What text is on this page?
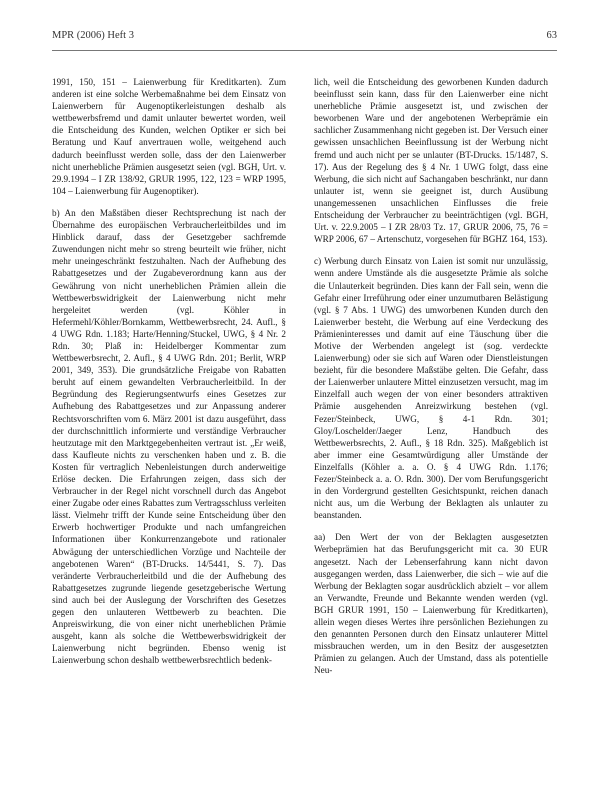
MPR (2006) Heft 3	63

1991, 150, 151 – Laienwerbung für Kreditkarten). Zum anderen ist eine solche Werbemaßnahme bei dem Einsatz von Laienwerbern für Augenoptikerleistungen deshalb als wettbewerbsfremd und damit unlauter bewertet worden, weil die Entscheidung des Kunden, welchen Optiker er sich bei Beratung und Kauf anvertrauen wolle, weitgehend auch dadurch beeinflusst werden solle, dass der den Laienwerber nicht unerhebliche Prämien ausgesetzt seien (vgl. BGH, Urt. v. 29.9.1994 – I ZR 138/92, GRUR 1995, 122, 123 = WRP 1995, 104 – Laienwerbung für Augenoptiker).

b) An den Maßstäben dieser Rechtsprechung ist nach der Übernahme des europäischen Verbraucherleitbildes und im Hinblick darauf, dass der Gesetzgeber sachfremde Zuwendungen nicht mehr so streng beurteilt wie früher, nicht mehr uneingeschränkt festzuhalten. Nach der Aufhebung des Rabattgesetzes und der Zugabeverordnung kann aus der Gewährung von nicht unerheblichen Prämien allein die Wettbewerbswidrigkeit der Laienwerbung nicht mehr hergeleitet werden (vgl. Köhler in Hefermehl/Köhler/Bornkamm, Wettbewerbsrecht, 24. Aufl., § 4 UWG Rdn. 1.183; Harte/Henning/Stuckel, UWG, § 4 Nr. 2 Rdn. 30; Plaß in: Heidelberger Kommentar zum Wettbewerbsrecht, 2. Aufl., § 4 UWG Rdn. 201; Berlit, WRP 2001, 349, 353). Die grundsätzliche Freigabe von Rabatten beruht auf einem gewandelten Verbraucherleitbild. In der Begründung des Regierungsentwurfs eines Gesetzes zur Aufhebung des Rabattgesetzes und zur Anpassung anderer Rechtsvorschriften vom 6. März 2001 ist dazu ausgeführt, dass der durchschnittlich informierte und verständige Verbraucher heutzutage mit den Marktgegebenheiten vertraut ist. „Er weiß, dass Kaufleute nichts zu verschenken haben und z. B. die Kosten für vertraglich Nebenleistungen durch anderweitige Erlöse decken. Die Erfahrungen zeigen, dass sich der Verbraucher in der Regel nicht vorschnell durch das Angebot einer Zugabe oder eines Rabattes zum Vertragsschluss verleiten lässt. Vielmehr trifft der Kunde seine Entscheidung über den Erwerb hochwertiger Produkte und nach umfangreichen Informationen über Konkurrenzangebote und rationaler Abwägung der unterschiedlichen Vorzüge und Nachteile der angebotenen Waren“ (BT-Drucks. 14/5441, S. 7). Das veränderte Verbraucherleitbild und die der Aufhebung des Rabattgesetzes zugrunde liegende gesetzgeberische Wertung sind auch bei der Auslegung der Vorschriften des Gesetzes gegen den unlauteren Wettbewerb zu beachten. Die Anpreiswirkung, die von einer nicht unerheblichen Prämie ausgeht, kann als solche die Wettbewerbswidrigkeit der Laienwerbung nicht begründen. Ebenso wenig ist Laienwerbung schon deshalb wettbewerbsrechtlich bedenk-

lich, weil die Entscheidung des geworbenen Kunden dadurch beeinflusst sein kann, dass für den Laienwerber eine nicht unerhebliche Prämie ausgesetzt ist, und zwischen der beworbenen Ware und der angebotenen Werbeprämie ein sachlicher Zusammenhang nicht gegeben ist. Der Versuch einer gewissen unsachlichen Beeinflussung ist der Werbung nicht fremd und auch nicht per se unlauter (BT-Drucks. 15/1487, S. 17). Aus der Regelung des § 4 Nr. 1 UWG folgt, dass eine Werbung, die sich nicht auf Sachangaben beschränkt, nur dann unlauter ist, wenn sie geeignet ist, durch Ausübung unangemessenen unsachlichen Einflusses die freie Entscheidung der Verbraucher zu beeinträchtigen (vgl. BGH, Urt. v. 22.9.2005 – I ZR 28/03 Tz. 17, GRUR 2006, 75, 76 = WRP 2006, 67 – Artenschutz, vorgesehen für BGHZ 164, 153).

c) Werbung durch Einsatz von Laien ist somit nur unzulässig, wenn andere Umstände als die ausgesetzte Prämie als solche die Unlauterkeit begründen. Dies kann der Fall sein, wenn die Gefahr einer Irreführung oder einer unzumutbaren Belästigung (vgl. § 7 Abs. 1 UWG) des umworbenen Kunden durch den Laienwerber besteht, die Werbung auf eine Verdeckung des Prämieninteresses und damit auf eine Täuschung über die Motive der Werbenden angelegt ist (sog. verdeckte Laienwerbung) oder sie sich auf Waren oder Dienstleistungen bezieht, für die besondere Maßstäbe gelten. Die Gefahr, dass der Laienwerber unlautere Mittel einzusetzen versucht, mag im Einzelfall auch wegen der von einer besonders attraktiven Prämie ausgehenden Anreizwirkung bestehen (vgl. Fezer/Steinbeck, UWG, § 4-1 Rdn. 301; Gloy/Loschelder/Jaeger Lenz, Handbuch des Wettbewerbsrechts, 2. Aufl., § 18 Rdn. 325). Maßgeblich ist aber immer eine Gesamtwürdigung aller Umstände der Einzelfalls (Köhler a. a. O. § 4 UWG Rdn. 1.176; Fezer/Steinbeck a. a. O. Rdn. 300). Der vom Berufungsgericht in den Vordergrund gestellten Gesichtspunkt, reichen danach nicht aus, um die Werbung der Beklagten als unlauter zu beanstanden.

aa) Den Wert der von der Beklagten ausgesetzten Werbeprämien hat das Berufungsgericht mit ca. 30 EUR angesetzt. Nach der Lebenserfahrung kann nicht davon ausgegangen werden, dass Laienwerber, die sich – wie auf die Werbung der Beklagten sogar ausdrücklich abzielt – vor allem an Verwandte, Freunde und Bekannte wenden werden (vgl. BGH GRUR 1991, 150 – Laienwerbung für Kreditkarten), allein wegen dieses Wertes ihre persönlichen Beziehungen zu den genannten Personen durch den Einsatz unlauterer Mittel missbrauchen werden, um in den Besitz der ausgesetzten Prämien zu gelangen. Auch der Umstand, dass als potentielle Neu-
